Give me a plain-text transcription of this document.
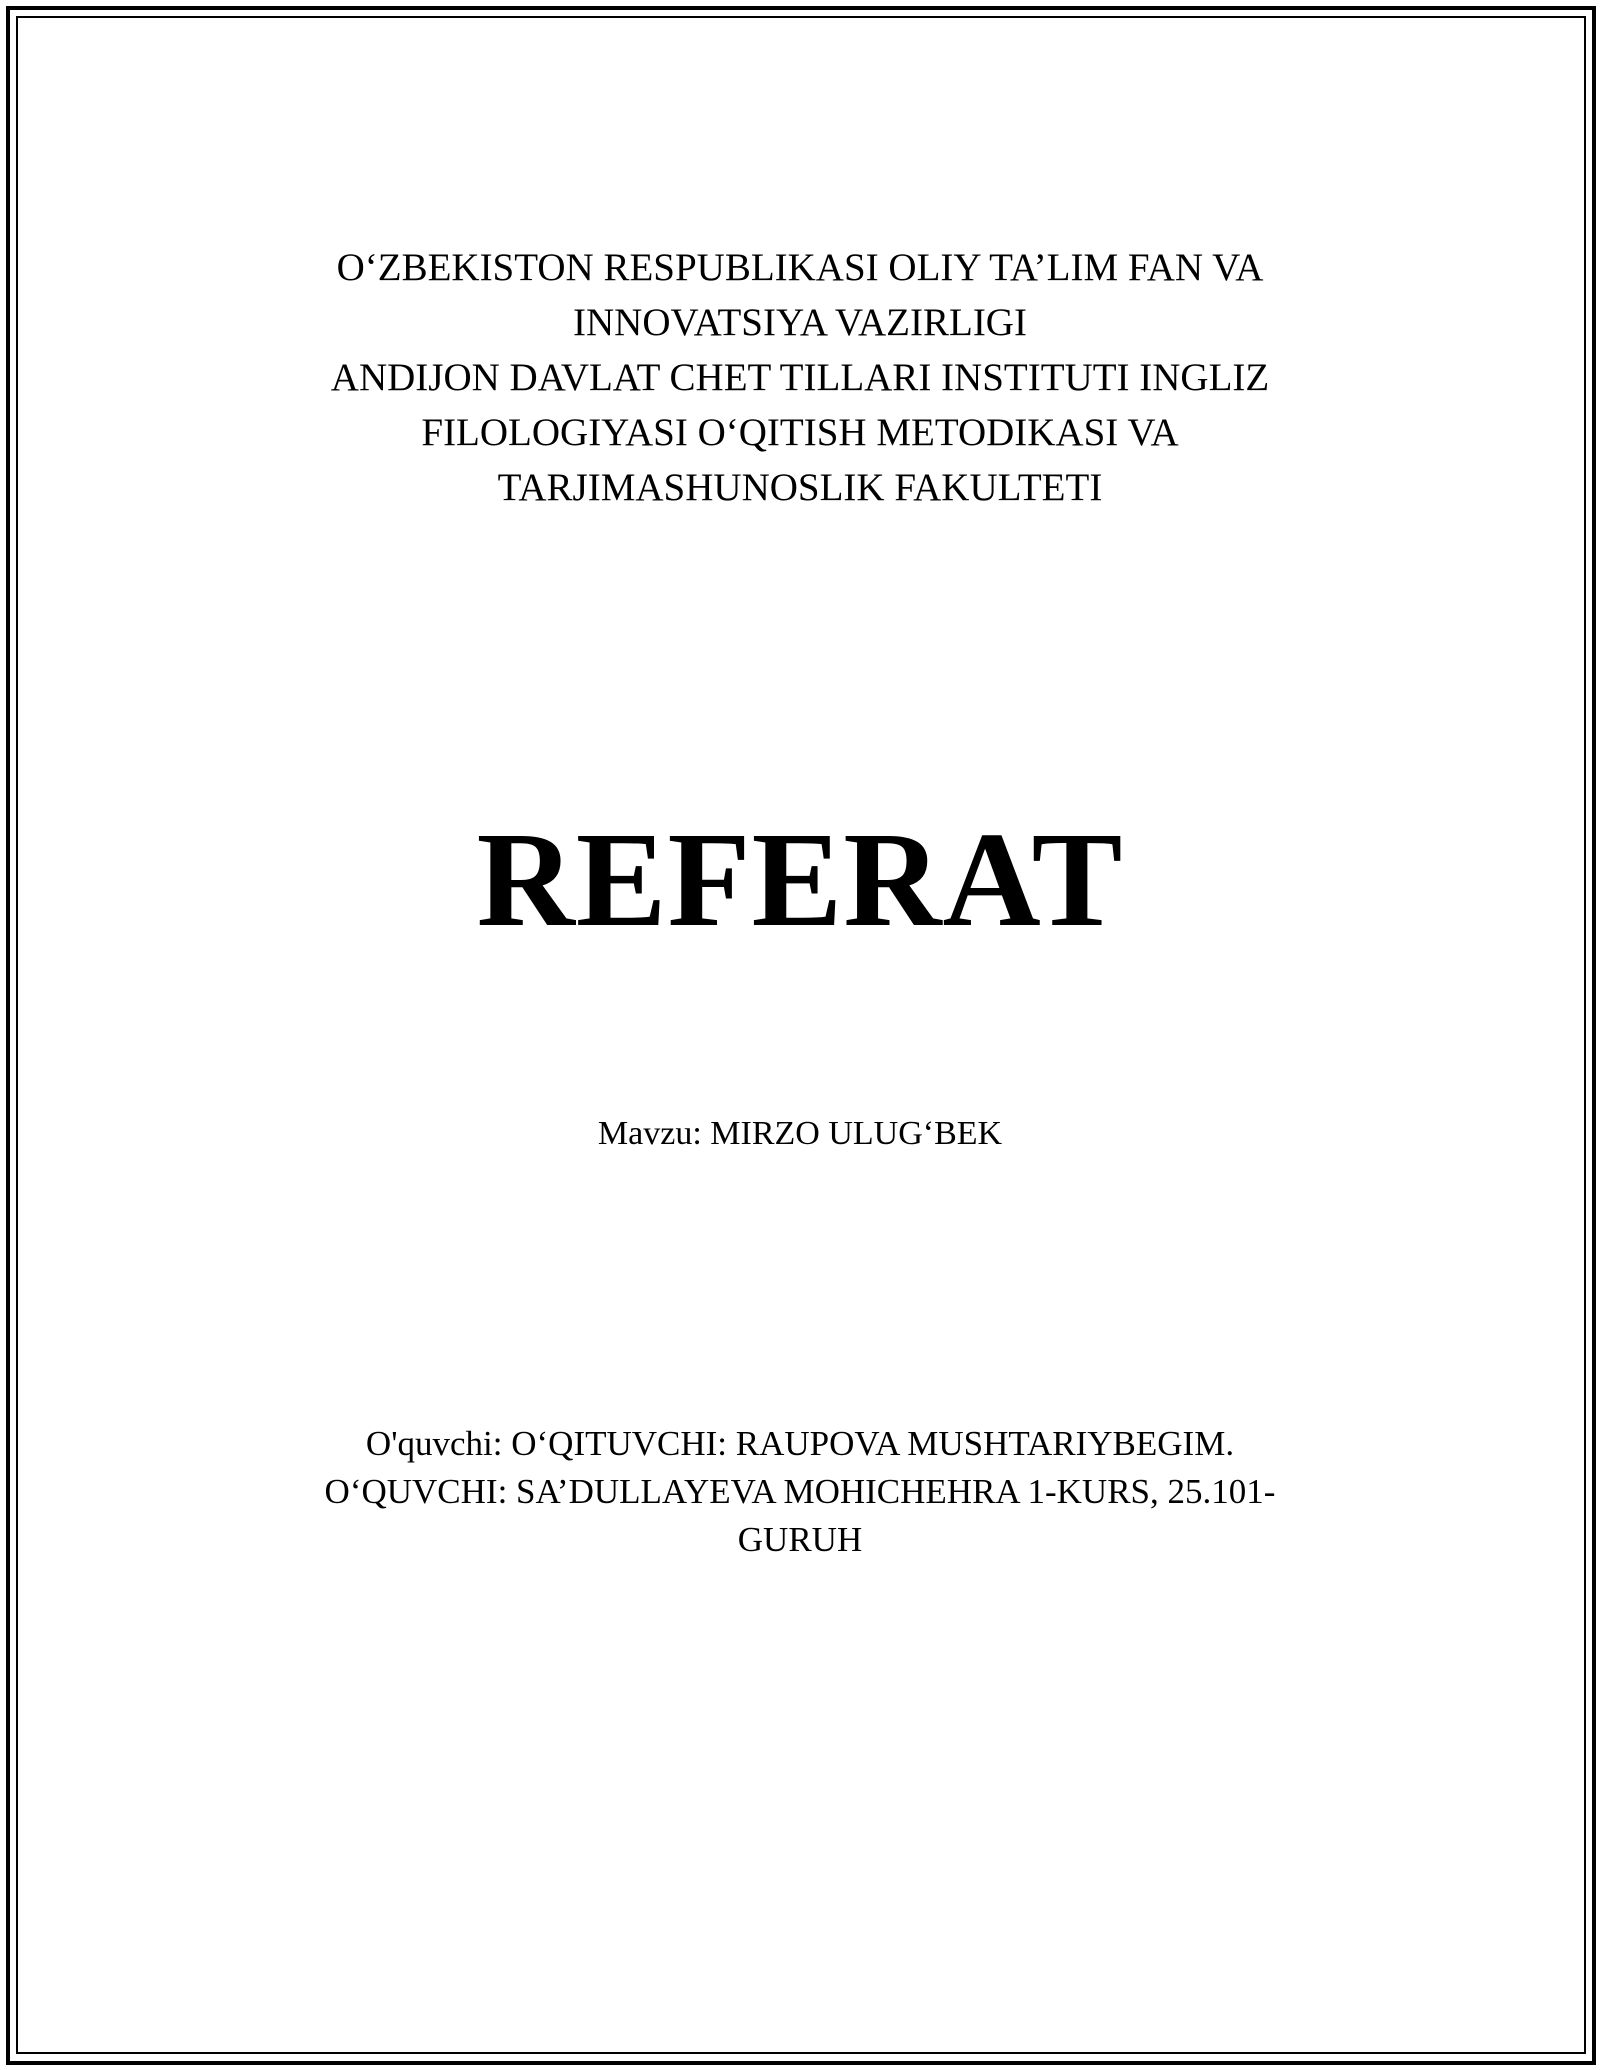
O‘ZBEKISTON RESPUBLIKASI OLIY TA’LIM FAN VA
INNOVATSIYA VAZIRLIGI
ANDIJON DAVLAT CHET TILLARI INSTITUTI INGLIZ
FILOLOGIYASI O‘QITISH METODIKASI VA
TARJIMASHUNOSLIK FAKULTETI
REFERAT
Mavzu: MIRZO ULUG‘BEK
O'quvchi: O‘QITUVCHI: RAUPOVA MUSHTARIYBEGIM.
O‘QUVCHI: SA’DULLAYEVA MOHICHEHRA 1-KURS, 25.101-
GURUH
